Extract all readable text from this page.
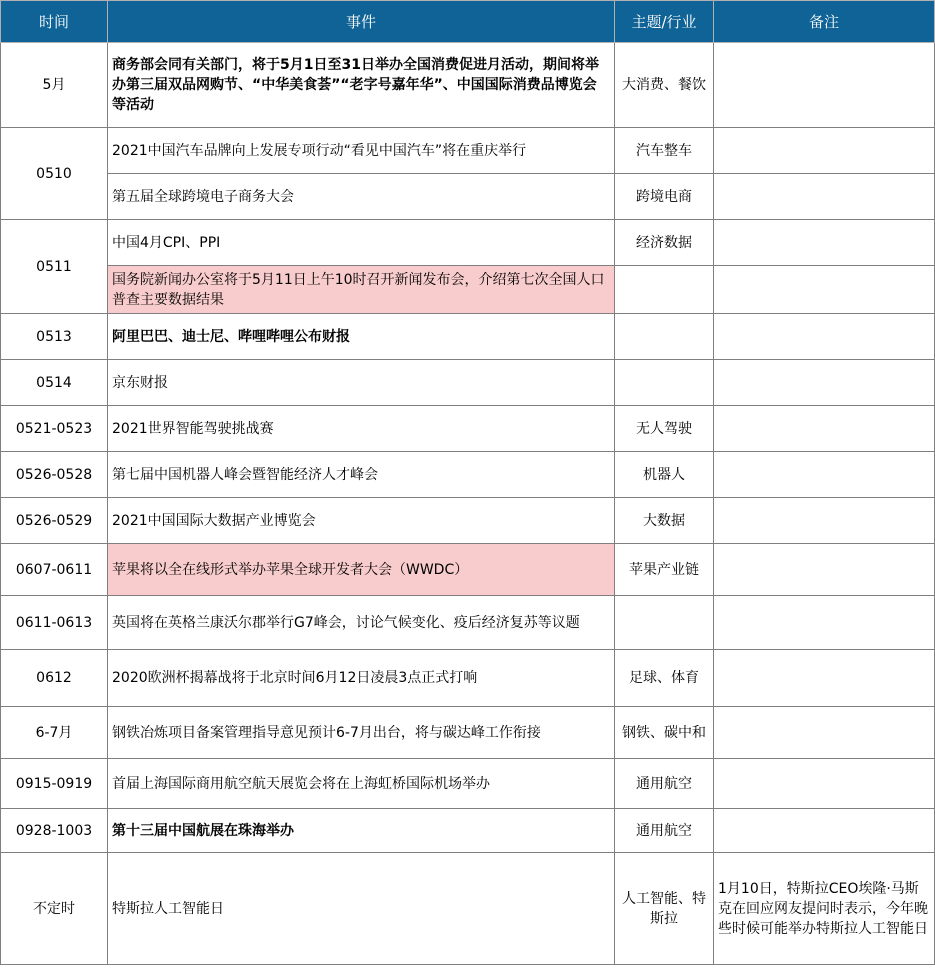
时间	事件	主题/行业	备注
5月	商务部会同有关部门，将于5月1日至31日举办全国消费促进月活动，期间将举办第三届双品网购节、“中华美食荟”“老字号嘉年华”、中国国际消费品博览会等活动	大消费、餐饮	
0510	2021中国汽车品牌向上发展专项行动“看见中国汽车”将在重庆举行	汽车整车	
	第五届全球跨境电子商务大会	跨境电商	
0511	中国4月CPI、PPI	经济数据	
	国务院新闻办公室将于5月11日上午10时召开新闻发布会，介绍第七次全国人口普查主要数据结果		
0513	阿里巴巴、迪士尼、哔哩哔哩公布财报		
0514	京东财报		
0521-0523	2021世界智能驾驶挑战赛	无人驾驶	
0526-0528	第七届中国机器人峰会暨智能经济人才峰会	机器人	
0526-0529	2021中国国际大数据产业博览会	大数据	
0607-0611	苹果将以全在线形式举办苹果全球开发者大会（WWDC）	苹果产业链	
0611-0613	英国将在英格兰康沃尔郡举行G7峰会，讨论气候变化、疫后经济复苏等议题		
0612	2020欧洲杯揭幕战将于北京时间6月12日凌晨3点正式打响	足球、体育	
6-7月	钢铁冶炼项目备案管理指导意见预计6-7月出台，将与碳达峰工作衔接	钢铁、碳中和	
0915-0919	首届上海国际商用航空航天展览会将在上海虹桥国际机场举办	通用航空	
0928-1003	第十三届中国航展在珠海举办	通用航空	
不定时	特斯拉人工智能日	人工智能、特斯拉	1月10日，特斯拉CEO埃隆·马斯克在回应网友提问时表示，今年晚些时候可能举办特斯拉人工智能日
